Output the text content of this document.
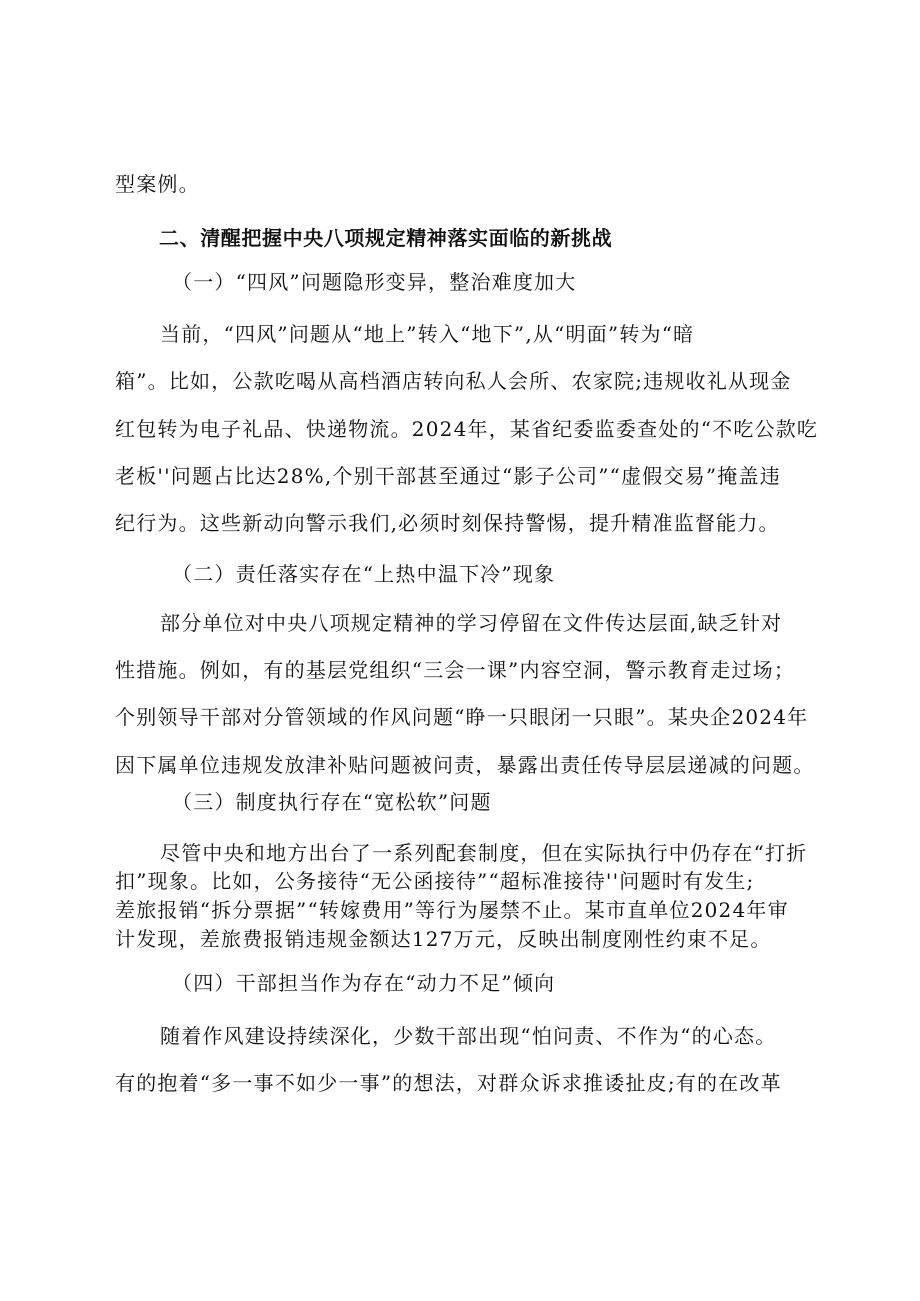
型案例。
二、清醒把握中央八项规定精神落实面临的新挑战
（一）“四风”问题隐形变异，整治难度加大
当前，“四风”问题从“地上”转入“地下”,从“明面”转为“暗
箱”。比如，公款吃喝从高档酒店转向私人会所、农家院;违规收礼从现金
红包转为电子礼品、快递物流。2024年，某省纪委监委查处的“不吃公款吃
老板''问题占比达28%,个别干部甚至通过“影子公司”“虚假交易”掩盖违
纪行为。这些新动向警示我们,必须时刻保持警惕，提升精准监督能力。
（二）责任落实存在“上热中温下冷”现象
部分单位对中央八项规定精神的学习停留在文件传达层面,缺乏针对
性措施。例如，有的基层党组织“三会一课”内容空洞，警示教育走过场；
个别领导干部对分管领域的作风问题“睁一只眼闭一只眼”。某央企2024年
因下属单位违规发放津补贴问题被问责，暴露出责任传导层层递减的问题。
（三）制度执行存在“宽松软”问题
尽管中央和地方出台了一系列配套制度，但在实际执行中仍存在“打折
扣”现象。比如，公务接待“无公函接待”“超标准接待''问题时有发生;
差旅报销“拆分票据”“转嫁费用”等行为屡禁不止。某市直单位2024年审
计发现，差旅费报销违规金额达127万元，反映出制度刚性约束不足。
（四）干部担当作为存在“动力不足”倾向
随着作风建设持续深化，少数干部出现“怕问责、不作为“的心态。
有的抱着“多一事不如少一事”的想法，对群众诉求推诿扯皮;有的在改革
